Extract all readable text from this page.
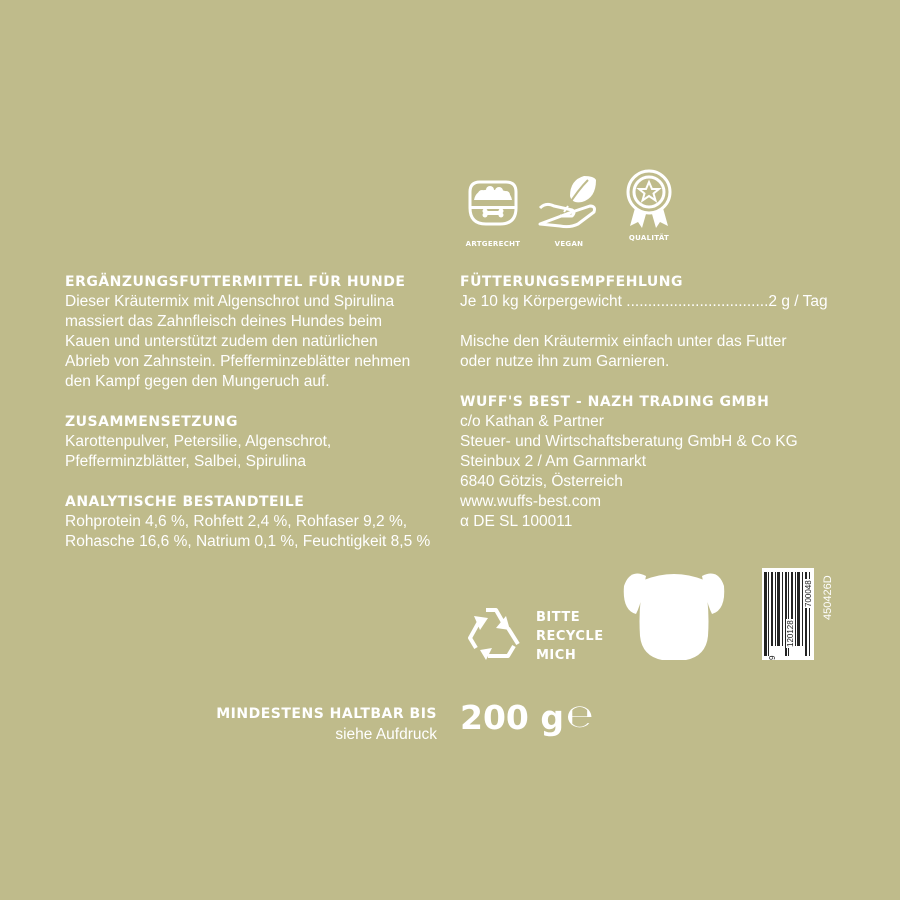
ARTGERECHT	VEGAN
QUALITÄT
ERGÄNZUNGSFUTTERMITTEL FÜR HUNDE

Dieser Kräutermix mit Algenschrot und Spirulina

massiert das Zahnfleisch deines Hundes beim

Kauen und unterstützt zudem den natürlichen

Abrieb von Zahnstein. Pfefferminzeblätter nehmen

den Kampf gegen den Mungeruch auf.

ZUSAMMENSETZUNG

Karottenpulver, Petersilie, Algenschrot,

Pfefferminzblätter, Salbei, Spirulina

ANALYTISCHE BESTANDTEILE

Rohprotein 4,6 %, Rohfett 2,4 %, Rohfaser 9,2 %,

Rohasche 16,6 %, Natrium 0,1 %, Feuchtigkeit 8,5 %

FÜTTERUNGSEMPFEHLUNG

Je 10 kg Körpergewicht .................................2 g / Tag

Mische den Kräutermix einfach unter das Futter

oder nutze ihn zum Garnieren.

WUFF'S BEST - NAZH TRADING GMBH

c/o Kathan & Partner

Steuer- und Wirtschaftsberatung GmbH & Co KG

Steinbux 2 / Am Garnmarkt

6840 Götzis, Österreich

www.wuffs-best.com

α DE SL 100011

BITTE
RECYCLE
MICH	9
120128
700048 450426D
MINDESTENS HALTBAR BIS
siehe Aufdruck 200 g ℮
